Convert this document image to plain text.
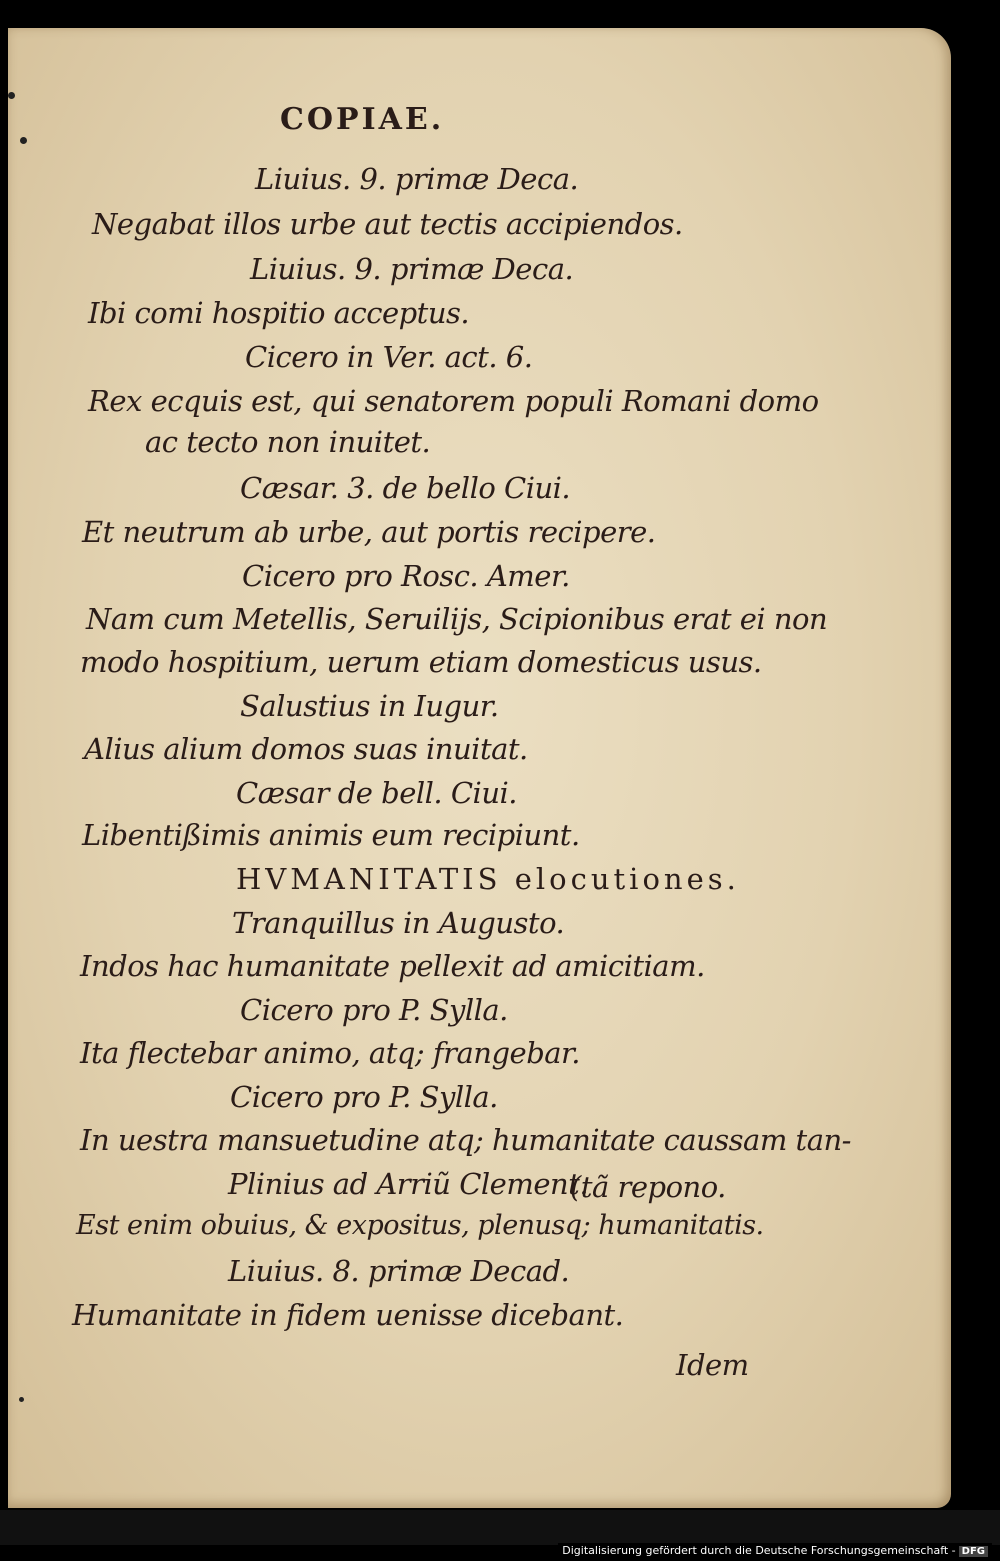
COPIAE.

Liuius. 9. primæ Deca.

Negabat illos urbe aut tectis accipiendos.

Liuius. 9. primæ Deca.

Ibi comi hospitio acceptus.

Cicero in Ver. act. 6.

Rex ecquis est, qui senatorem populi Romani domo

ac tecto non inuitet.

Cæsar. 3. de bello Ciui.

Et neutrum ab urbe, aut portis recipere.

Cicero pro Rosc. Amer.

Nam cum Metellis, Seruilijs, Scipionibus erat ei non

modo hospitium, uerum etiam domesticus usus.

Salustius in Iugur.

Alius alium domos suas inuitat.

Cæsar de bell. Ciui.

Libentißimis animis eum recipiunt.

HVMANITATIS elocutiones.

Tranquillus in Augusto.

Indos hac humanitate pellexit ad amicitiam.

Cicero pro P. Sylla.

Ita flectebar animo, atq; frangebar.

Cicero pro P. Sylla.

In uestra mansuetudine atq; humanitate caussam tan-

Plinius ad Arriũ Clement.

(tã repono.

Est enim obuius, & expositus, plenusq; humanitatis.

Liuius. 8. primæ Decad.

Humanitate in fidem uenisse dicebant.

Idem

Digitalisierung gefördert durch die Deutsche Forschungsgemeinschaft - DFG
